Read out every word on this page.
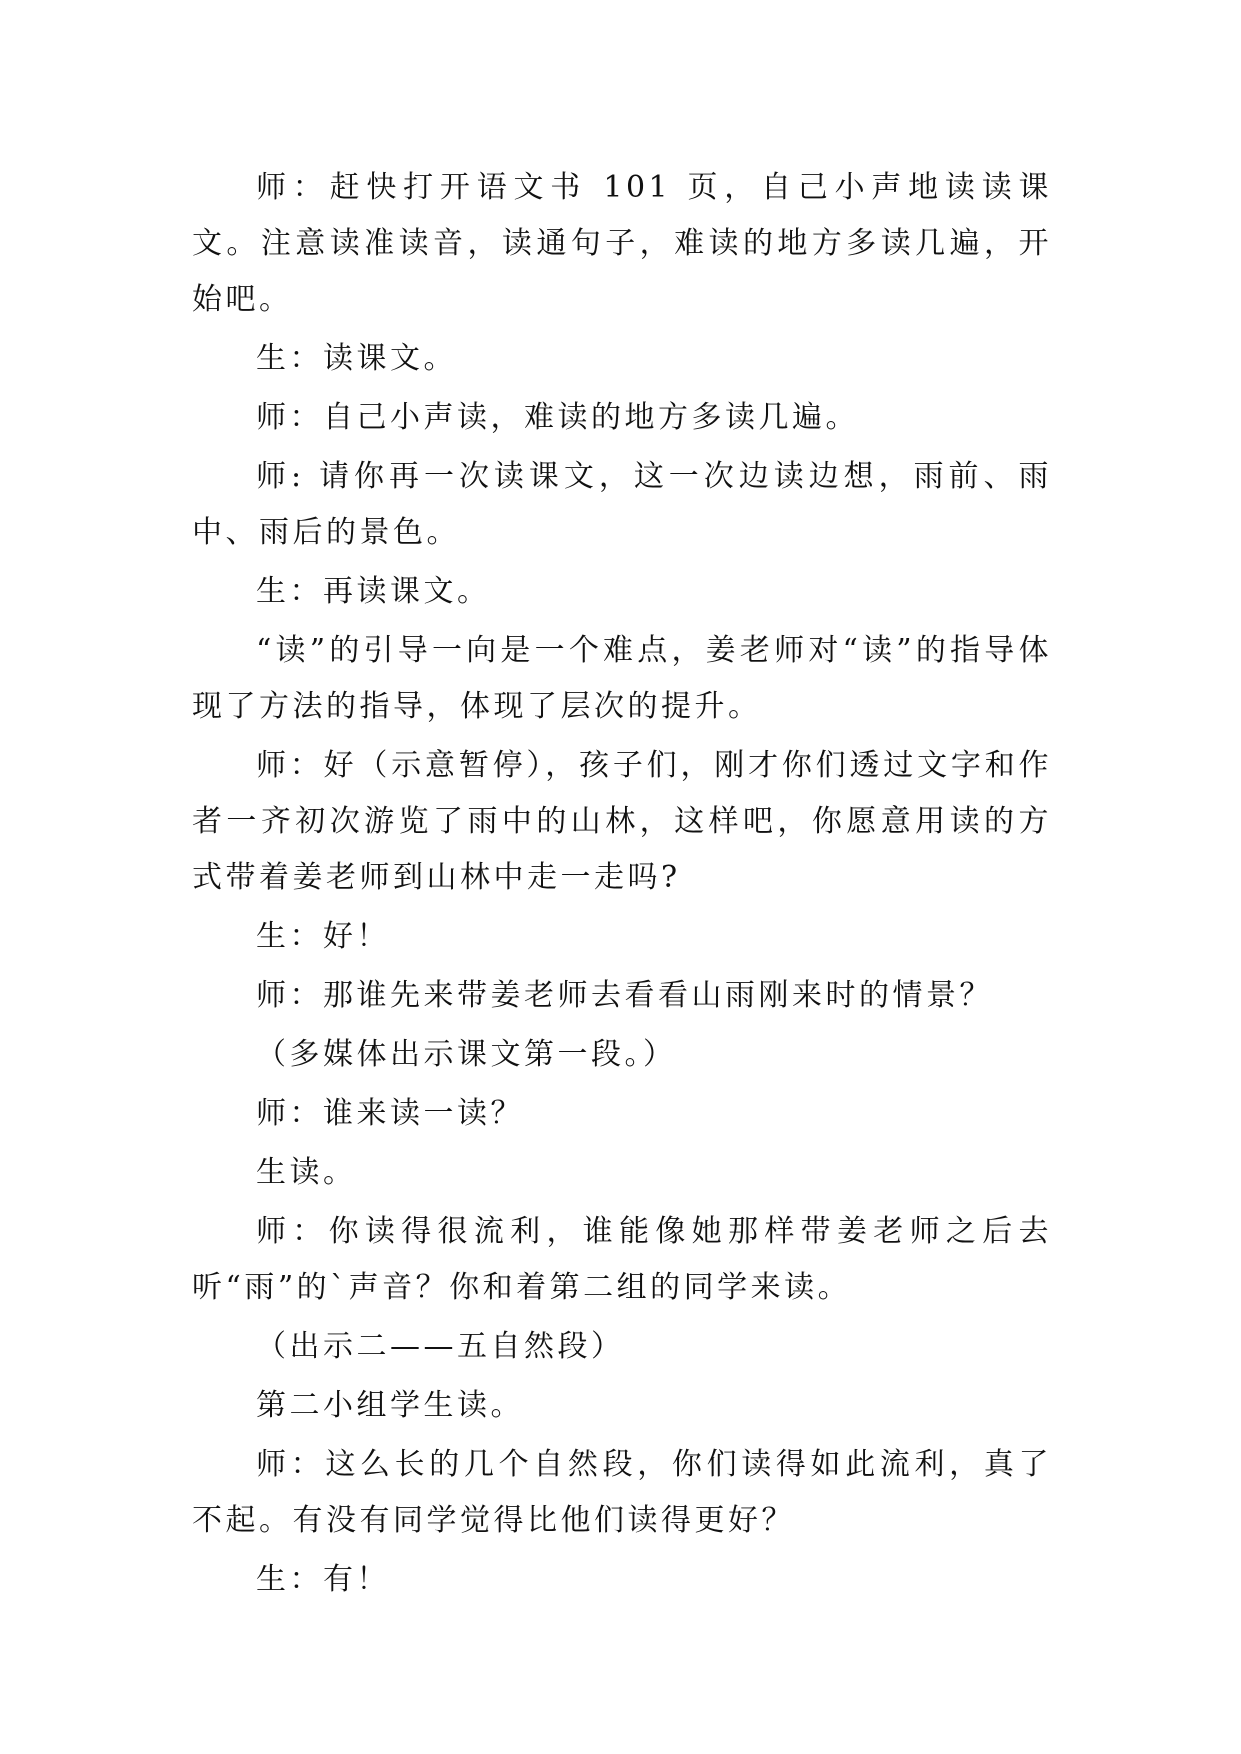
师：赶快打开语文书 101 页，自己小声地读读课文。注意读准读音，读通句子，难读的地方多读几遍，开始吧。

生：读课文。

师：自己小声读，难读的地方多读几遍。

师: 请你再一次读课文，这一次边读边想，雨前、雨中、雨后的景色。

生：再读课文。

“读”的引导一向是一个难点，姜老师对“读”的指导体现了方法的指导，体现了层次的提升。

师：好（示意暂停），孩子们，刚才你们透过文字和作者一齐初次游览了雨中的山林，这样吧，你愿意用读的方式带着姜老师到山林中走一走吗?

生：好！

师：那谁先来带姜老师去看看山雨刚来时的情景？

（多媒体出示课文第一段。）

师：谁来读一读？

生读。

师：你读得很流利，谁能像她那样带姜老师之后去听“雨”的`声音？你和着第二组的同学来读。

（出示二——五自然段）

第二小组学生读。

师：这么长的几个自然段，你们读得如此流利，真了不起。有没有同学觉得比他们读得更好？

生：有！
